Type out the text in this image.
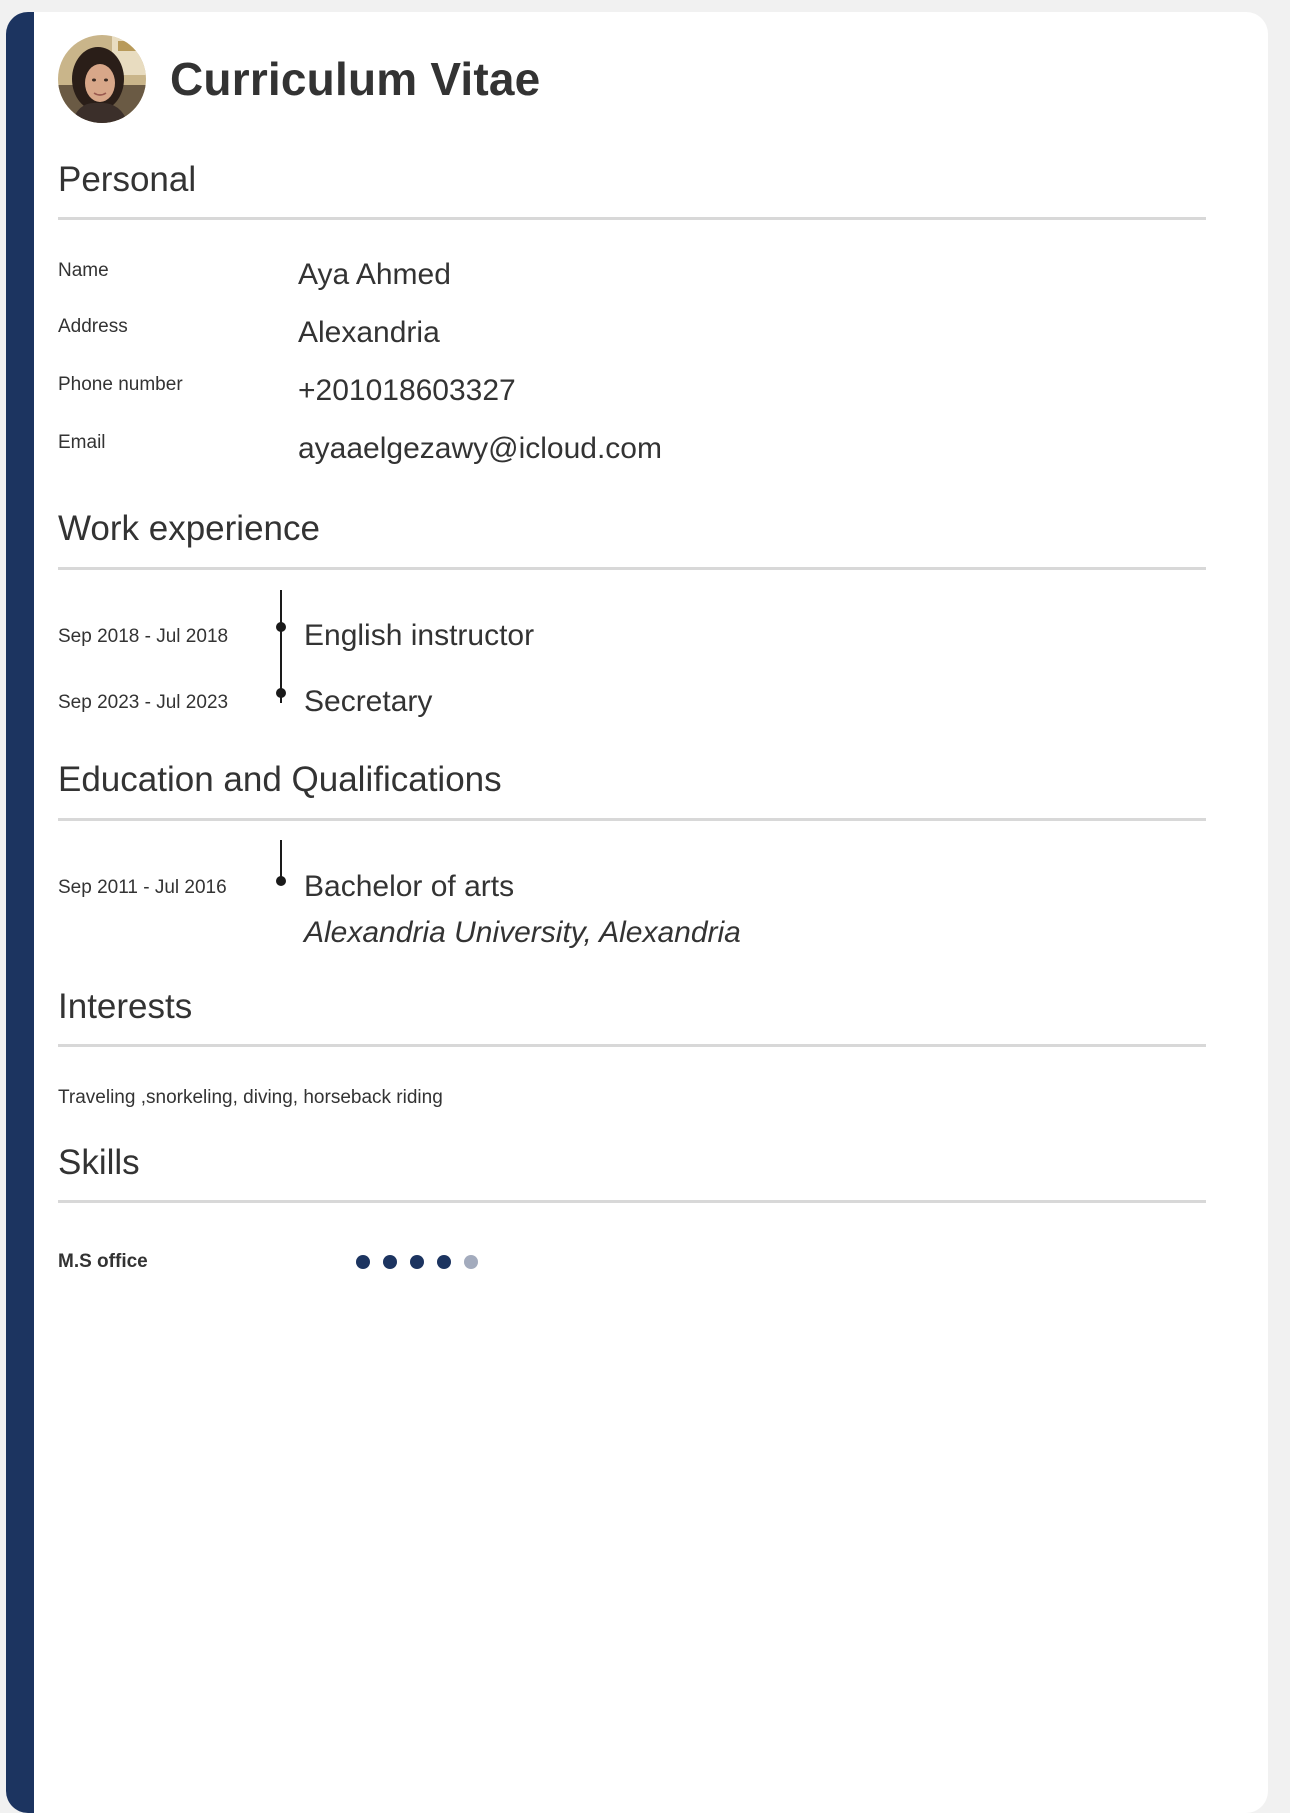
Curriculum Vitae
Personal
Name	Aya Ahmed
Address	Alexandria
Phone number	+201018603327
Email	ayaaelgezawy@icloud.com
Work experience
Sep 2018 - Jul 2018	English instructor
Sep 2023 - Jul 2023	Secretary
Education and Qualifications
Sep 2011 - Jul 2016	Bachelor of arts
Alexandria University, Alexandria
Interests
Traveling ,snorkeling, diving, horseback riding
Skills
M.S office
